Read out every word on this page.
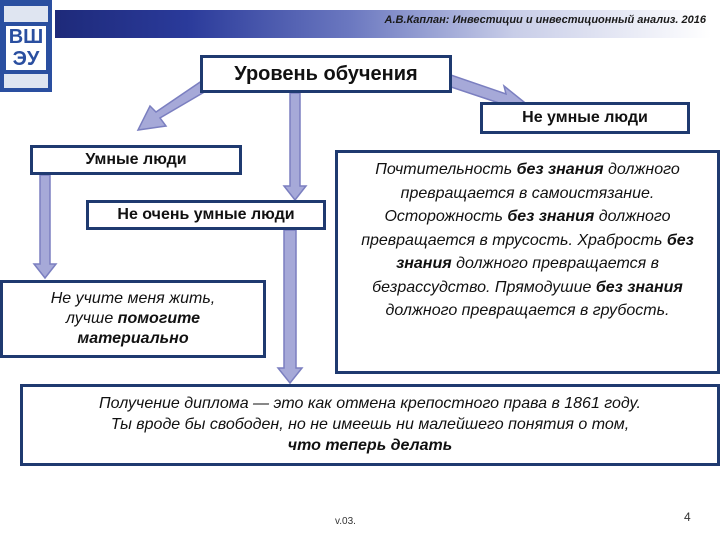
ВШ ЭУ
А.В.Каплан: Инвестиции и инвестиционный анализ. 2016
Уровень обучения
Умные люди
Не умные люди
Не очень умные люди
Не учите меня жить,
лучше помогите
материально
Почтительность без знания должного превращается в самоистязание. Осторожность без знания должного превращается в трусость. Храбрость без знания должного превращается в безрассудство. Прямодушие без знания должного превращается в грубость.
Получение диплома — это как отмена крепостного права в 1861 году.
Ты вроде бы свободен, но не имеешь ни малейшего понятия о том,
что теперь делать
v.03.	4
